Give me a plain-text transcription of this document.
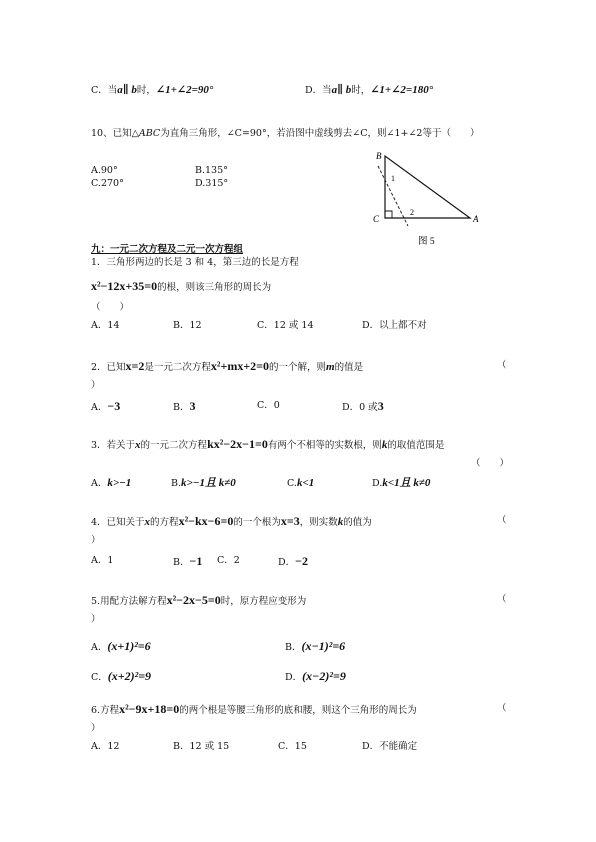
C．当a∥ b时，∠1+∠2=90°	D．当a∥ b时，∠1+∠2=180°
10、已知△ABC为直角三角形，∠C=90°，若沿图中虚线剪去∠C，则∠1+∠2等于（　　）
A.90°	B.135°
C.270°	D.315°
B
C	A
1
2
图 5
九：一元二次方程及二元一次方程组
1．三角形两边的长是 3 和 4，第三边的长是方程
x²−12x+35=0的根，则该三角形的周长为
（　　）
A．14	B．12	C．12 或 14	D．以上都不对
2．已知x=2是一元二次方程x²+mx+2=0的一个解，则m的值是	（
）
A．−3	B．3	C．0	D．0 或3
3．若关于x的一元二次方程kx²−2x−1=0有两个不相等的实数根，则k的取值范围是
（　　）
A．k>−1	B.k>−1且 k≠0	C.k<1	D.k<1且 k≠0
4．已知关于x的方程x²−kx−6=0的一个根为x=3，则实数k的值为	（
）
A．1	B．−1 C．2	D．−2
5.用配方法解方程x²−2x−5=0时，原方程应变形为	（
）
A．(x+1)²=6	B．(x−1)²=6
C．(x+2)²=9	D．(x−2)²=9
6.方程x²−9x+18=0的两个根是等腰三角形的底和腰，则这个三角形的周长为	（
）
A．12	B．12 或 15	C．15	D．不能确定
